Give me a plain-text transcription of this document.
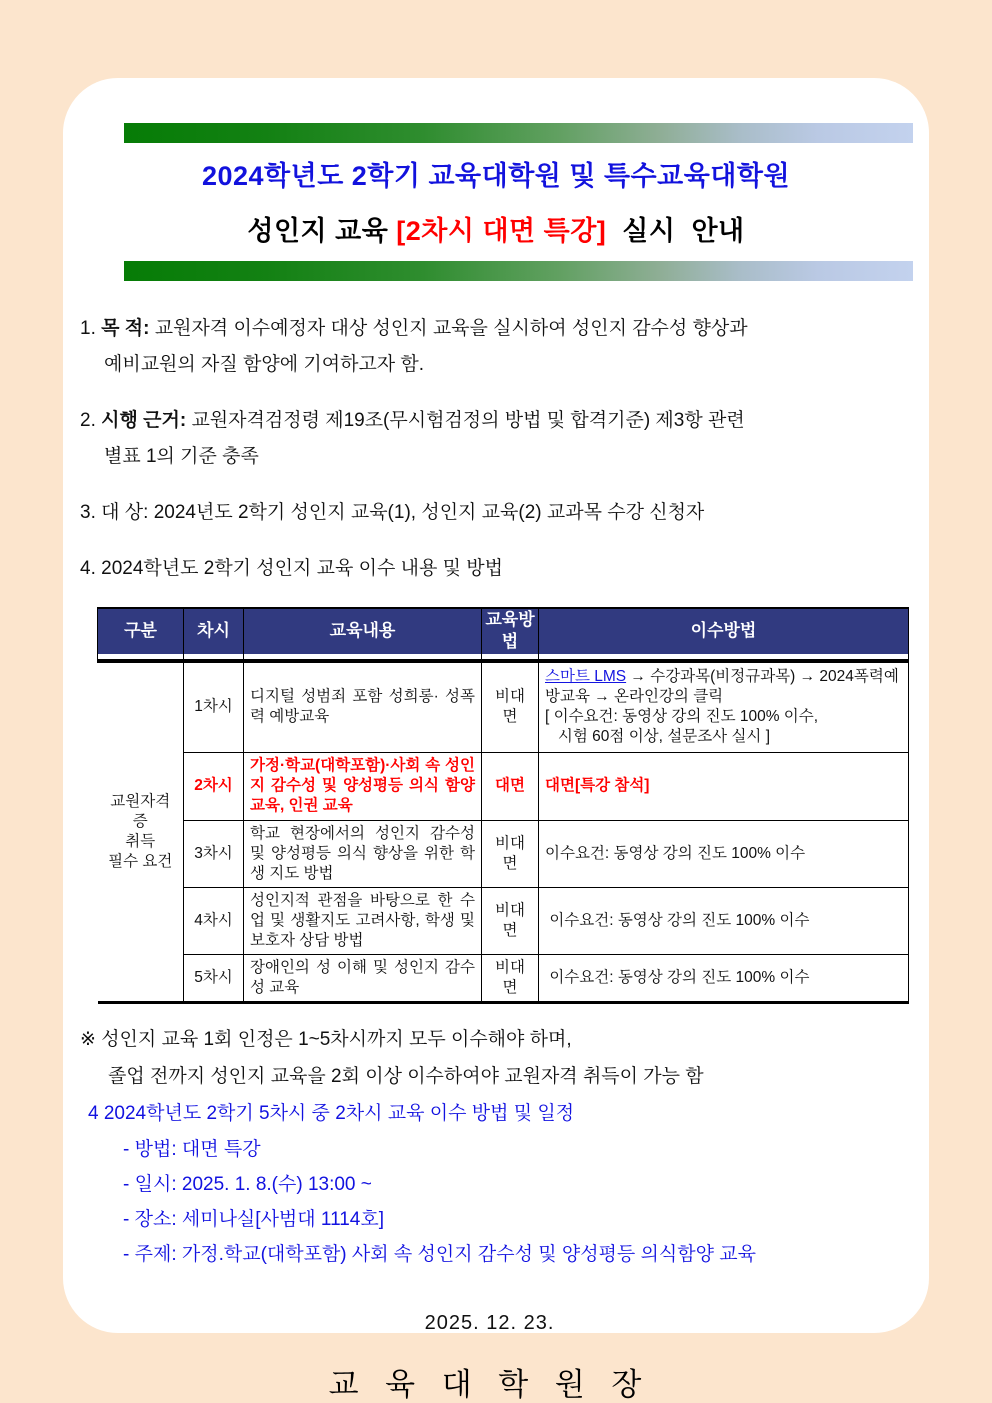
2024학년도 2학기 교육대학원 및 특수교육대학원
성인지 교육 [2차시 대면 특강]  실시  안내
1. 목 적: 교원자격 이수예정자 대상 성인지 교육을 실시하여 성인지 감수성 향상과
예비교원의 자질 함양에 기여하고자 함.
2. 시행 근거: 교원자격검정령 제19조(무시험검정의 방법 및 합격기준) 제3항 관련
별표 1의 기준 충족
3. 대 상: 2024년도 2학기 성인지 교육(1), 성인지 교육(2) 교과목 수강 신청자
4. 2024학년도 2학기 성인지 교육 이수 내용 및 방법
구분	차시	교육내용	교육방법	이수방법

교원자격증
취득
필수 요건
	1차시	디지털 성범죄 포함 성희롱· 성폭력 예방교육	비대면	스마트 LMS → 수강과목(비정규과목) → 2024폭력예방교육 → 온라인강의 클릭
[ 이수요건: 동영상 강의 진도 100% 이수,
시험 60점 이상, 설문조사 실시 ]

	2차시	가정·학교(대학포함)·사회 속 성인지 감수성 및 양성평등 의식 함양 교육, 인권 교육	대면	대면[특강 참석]
	3차시	학교 현장에서의 성인지 감수성 및 양성평등 의식 향상을 위한 학생 지도 방법	비대면	이수요건: 동영상 강의 진도 100% 이수
	4차시	성인지적 관점을 바탕으로 한 수업 및 생활지도 고려사항, 학생 및 보호자 상담 방법	비대면	이수요건: 동영상 강의 진도 100% 이수
	5차시	장애인의 성 이해 및 성인지 감수성 교육	비대면	이수요건: 동영상 강의 진도 100% 이수
※ 성인지 교육 1회 인정은 1~5차시까지 모두 이수해야 하며,
졸업 전까지 성인지 교육을 2회 이상 이수하여야 교원자격 취득이 가능 함
4 2024학년도 2학기 5차시 중 2차시 교육 이수 방법 및 일정
- 방법: 대면 특강
- 일시: 2025. 1. 8.(수) 13:00 ~
- 장소: 세미나실[사범대 1114호]
- 주제: 가정.학교(대학포함) 사회 속 성인지 감수성 및 양성평등 의식함양 교육
2025. 12. 23.
교 육 대 학 원 장
